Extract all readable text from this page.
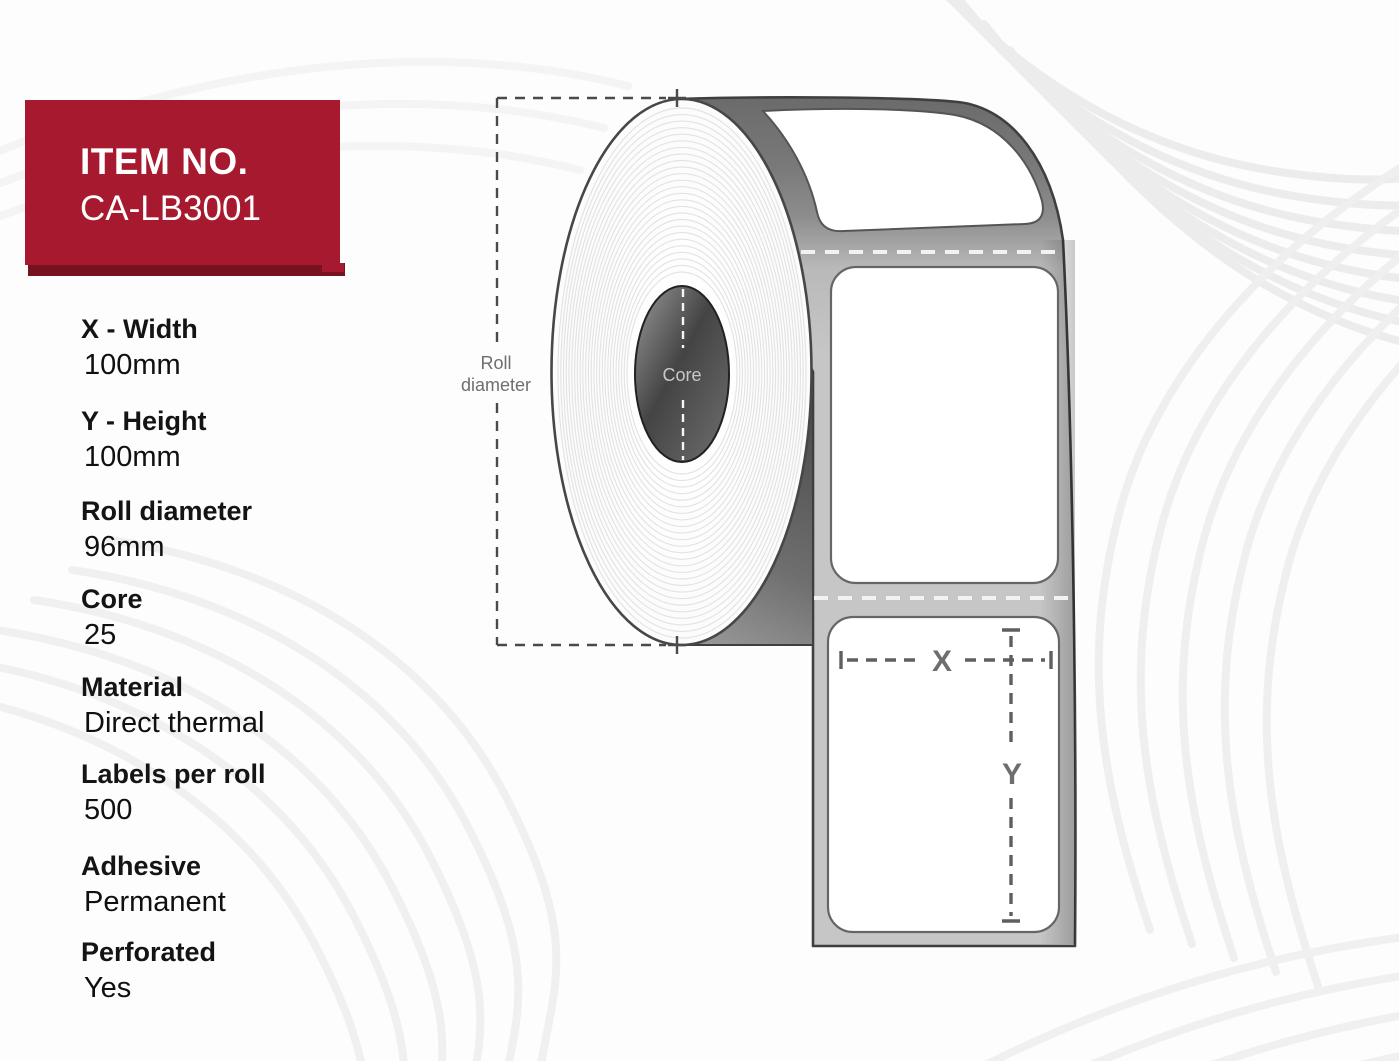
ITEM NO.
CA-LB3001
X - Width
100mm
Y - Height
100mm
Roll diameter
96mm
Core
25
Material
Direct thermal
Labels per roll
500
Adhesive
Permanent
Perforated
Yes
X
Y
Core
Roll
diameter
